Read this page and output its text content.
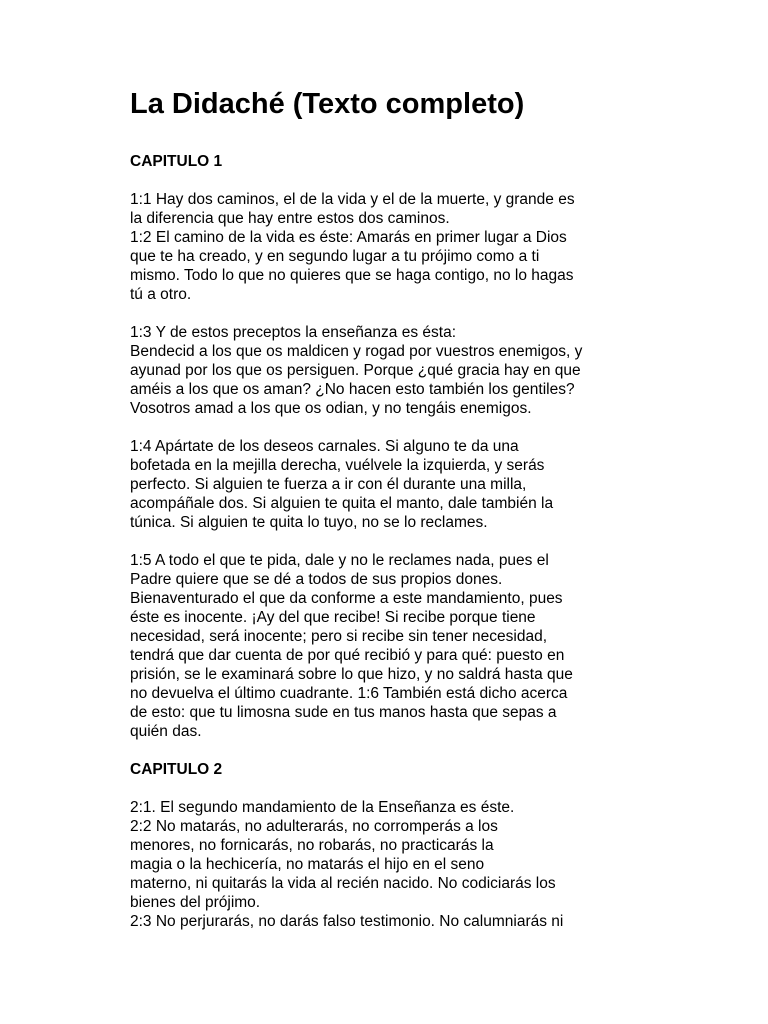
La Didaché (Texto completo)
CAPITULO 1
1:1 Hay dos caminos, el de la vida y el de la muerte, y grande es
la diferencia que hay entre estos dos caminos.
1:2 El camino de la vida es éste: Amarás en primer lugar a Dios
que te ha creado, y en segundo lugar a tu prójimo como a ti
mismo. Todo lo que no quieres que se haga contigo, no lo hagas
tú a otro.
1:3 Y de estos preceptos la enseñanza es ésta:
Bendecid a los que os maldicen y rogad por vuestros enemigos, y
ayunad por los que os persiguen. Porque ¿qué gracia hay en que
améis a los que os aman? ¿No hacen esto también los gentiles?
Vosotros amad a los que os odian, y no tengáis enemigos.
1:4 Apártate de los deseos carnales. Si alguno te da una
bofetada en la mejilla derecha, vuélvele la izquierda, y serás
perfecto. Si alguien te fuerza a ir con él durante una milla,
acompáñale dos. Si alguien te quita el manto, dale también la
túnica. Si alguien te quita lo tuyo, no se lo reclames.
1:5 A todo el que te pida, dale y no le reclames nada, pues el
Padre quiere que se dé a todos de sus propios dones.
Bienaventurado el que da conforme a este mandamiento, pues
éste es inocente. ¡Ay del que recibe! Si recibe porque tiene
necesidad, será inocente; pero si recibe sin tener necesidad,
tendrá que dar cuenta de por qué recibió y para qué: puesto en
prisión, se le examinará sobre lo que hizo, y no saldrá hasta que
no devuelva el último cuadrante. 1:6 También está dicho acerca
de esto: que tu limosna sude en tus manos hasta que sepas a
quién das.
CAPITULO 2
2:1. El segundo mandamiento de la Enseñanza es éste.
2:2 No matarás, no adulterarás, no corromperás a los
menores, no fornicarás, no robarás, no practicarás la
magia o la hechicería, no matarás el hijo en el seno
materno, ni quitarás la vida al recién nacido. No codiciarás los
bienes del prójimo.
2:3 No perjurarás, no darás falso testimonio. No calumniarás ni
